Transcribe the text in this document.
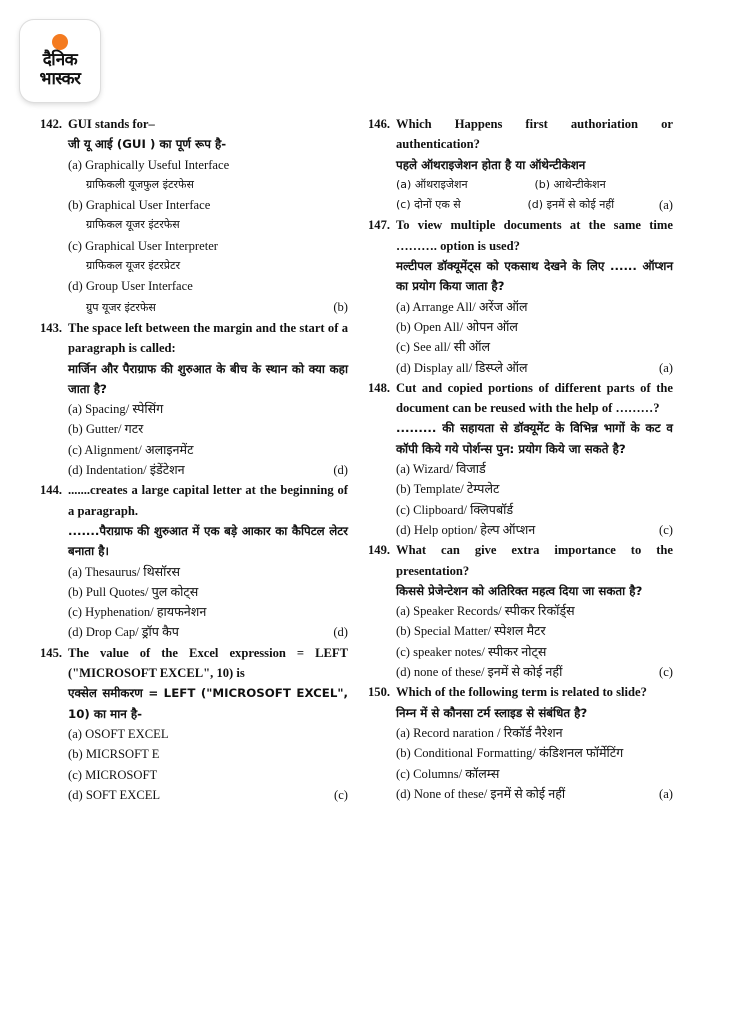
दैनिक
भास्कर
142. GUI stands for–
जी यू आई (GUI ) का पूर्ण रूप है-
(a) Graphically Useful Interface
ग्राफिकली यूजफुल इंटरफेस
(b) Graphical User Interface
ग्राफिकल यूजर इंटरफेस
(c) Graphical User Interpreter
ग्राफिकल यूजर इंटरप्रेटर
(d) Group User Interface
ग्रुप यूजर इंटरफेस	(b)
143. The space left between the margin and the start of a paragraph is called:
मार्जिन और पैराग्राफ की शुरुआत के बीच के स्थान को क्या कहा जाता है?
(a) Spacing/ स्पेसिंग
(b) Gutter/ गटर
(c) Alignment/ अलाइनमेंट
(d) Indentation/ इंडेंटेशन	(d)
144. .......creates a large capital letter at the beginning of a paragraph.
.......पैराग्राफ की शुरुआत में एक बड़े आकार का कैपिटल लेटर बनाता है।
(a) Thesaurus/ थिसॉरस
(b) Pull Quotes/ पुल कोट्स
(c) Hyphenation/ हायफनेशन
(d) Drop Cap/ ड्रॉप कैप	(d)
145. The value of the Excel expression = LEFT ("MICROSOFT EXCEL", 10) is
एक्सेल समीकरण = LEFT ("MICROSOFT EXCEL", 10) का मान है-
(a) OSOFT EXCEL
(b) MICRSOFT E
(c) MICROSOFT
(d) SOFT EXCEL	(c)
146. Which Happens first authoriation or authentication?
पहले ऑथराइजेशन होता है या ऑथेन्टीकेशन
(a) ऑथराइजेशन	(b) आथेन्टीकेशन
(c) दोनों एक से	(d) इनमें से कोई नहीं	(a)
147. To view multiple documents at the same time ………. option is used?
मल्टीपल डॉक्यूमेंट्स को एकसाथ देखने के लिए ...... ऑप्शन का प्रयोग किया जाता है?
(a) Arrange All/ अरेंज ऑल
(b) Open All/ ओपन ऑल
(c) See all/ सी ऑल
(d) Display all/ डिस्प्ले ऑल	(a)
148. Cut and copied portions of different parts of the document can be reused with the help of ………?
......... की सहायता से डॉक्यूमेंट के विभिन्न भागों के कट व कॉपी किये गये पोर्शन्स पुन: प्रयोग किये जा सकते है?
(a) Wizard/ विजार्ड
(b) Template/ टेम्पलेट
(c) Clipboard/ क्लिपबॉर्ड
(d) Help option/ हेल्प ऑप्शन	(c)
149. What can give extra importance to the presentation?
किससे प्रेजेन्टेशन को अतिरिक्त महत्व दिया जा सकता है?
(a) Speaker Records/ स्पीकर रिकॉर्ड्स
(b) Special Matter/ स्पेशल मैटर
(c) speaker notes/ स्पीकर नोट्स
(d) none of these/ इनमें से कोई नहीं	(c)
150. Which of the following term is related to slide?
निम्न में से कौनसा टर्म स्लाइड से संबंधित है?
(a) Record naration / रिकॉर्ड नैरेशन
(b) Conditional Formatting/ कंडिशनल फॉर्मेटिंग
(c) Columns/ कॉलम्स
(d) None of these/ इनमें से कोई नहीं	(a)
